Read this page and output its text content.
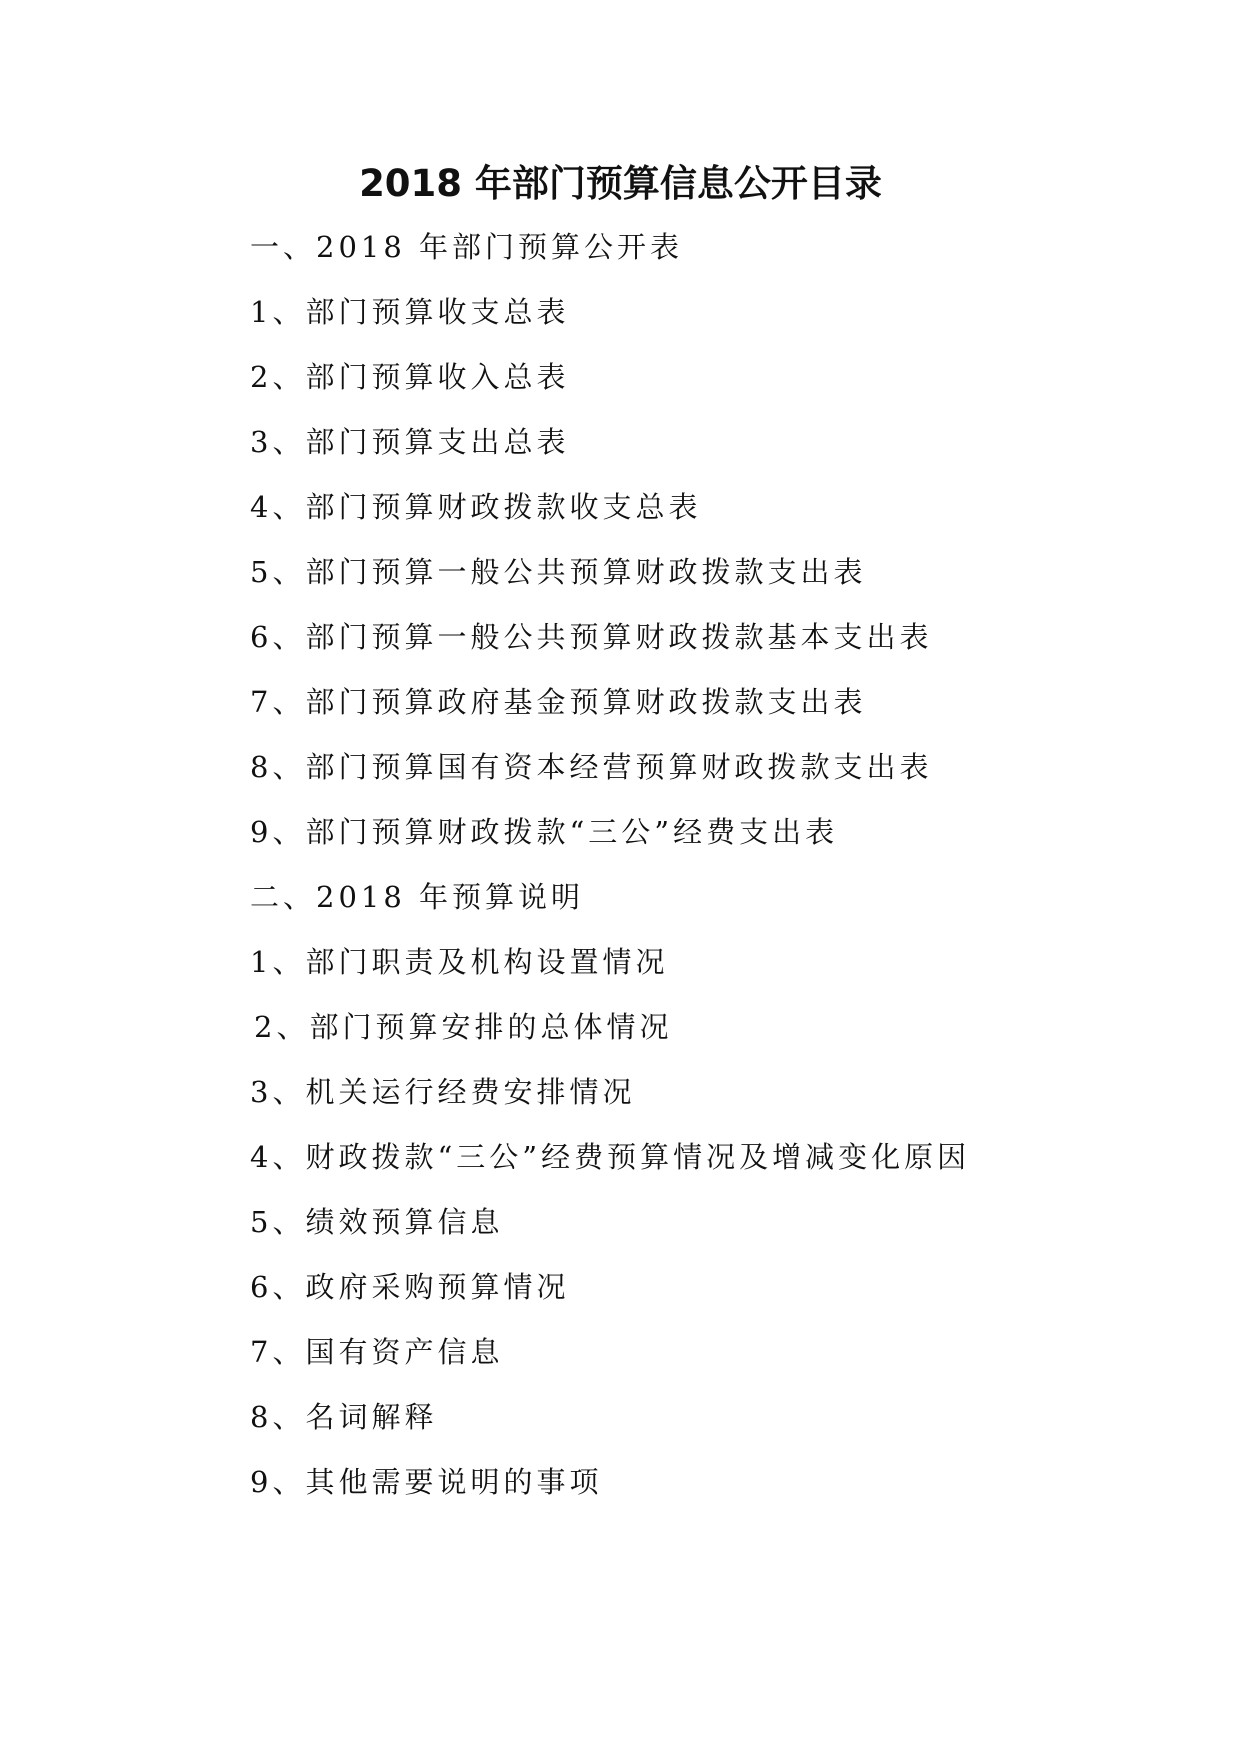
2018 年部门预算信息公开目录
一、2018 年部门预算公开表
1、部门预算收支总表
2、部门预算收入总表
3、部门预算支出总表
4、部门预算财政拨款收支总表
5、部门预算一般公共预算财政拨款支出表
6、部门预算一般公共预算财政拨款基本支出表
7、部门预算政府基金预算财政拨款支出表
8、部门预算国有资本经营预算财政拨款支出表
9、部门预算财政拨款“三公”经费支出表
二、2018 年预算说明
1、部门职责及机构设置情况
2、部门预算安排的总体情况
3、机关运行经费安排情况
4、财政拨款“三公”经费预算情况及增减变化原因
5、绩效预算信息
6、政府采购预算情况
7、国有资产信息
8、名词解释
9、其他需要说明的事项
